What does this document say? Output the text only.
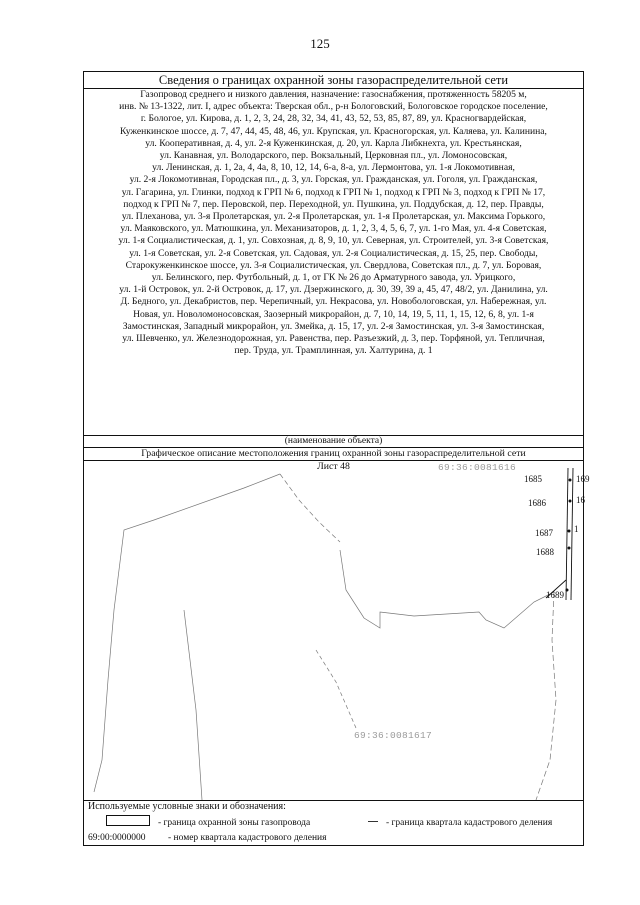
125
Сведения о границах охранной зоны газораспределительной сети
Газопровод среднего и низкого давления, назначение: газоснабжения, протяженность 58205 м,
инв. № 13-1322, лит. I, адрес объекта: Тверская обл., р-н Бологовский, Бологовское городское поселение,
г. Бологое, ул. Кирова, д. 1, 2, 3, 24, 28, 32, 34, 41, 43, 52, 53, 85, 87, 89, ул. Красногвардейская,
Куженкинское шоссе, д. 7, 47, 44, 45, 48, 46, ул. Крупская, ул. Красногорская, ул. Каляева, ул. Калинина,
ул. Кооперативная, д. 4, ул. 2-я Куженкинская, д. 20, ул. Карла Либкнехта, ул. Крестьянская,
ул. Канавная, ул. Володарского, пер. Вокзальный, Церковная пл., ул. Ломоносовская,
ул. Ленинская, д. 1, 2а, 4, 4а, 8, 10, 12, 14, 6-а, 8-а, ул. Лермонтова, ул. 1-я Локомотивная,
ул. 2-я Локомотивная, Городская пл., д. 3, ул. Горская, ул. Гражданская, ул. Гоголя, ул. Гражданская,
ул. Гагарина, ул. Глинки, подход к ГРП № 6, подход к ГРП № 1, подход к ГРП № 3, подход к ГРП № 17,
подход к ГРП № 7, пер. Перовской, пер. Переходной, ул. Пушкина, ул. Поддубская, д. 12, пер. Правды,
ул. Плеханова, ул. 3-я Пролетарская, ул. 2-я Пролетарская, ул. 1-я Пролетарская, ул. Максима Горького,
ул. Маяковского, ул. Матюшкина, ул. Механизаторов, д. 1, 2, 3, 4, 5, 6, 7, ул. 1-го Мая, ул. 4-я Советская,
ул. 1-я Социалистическая, д. 1, ул. Совхозная, д. 8, 9, 10, ул. Северная, ул. Строителей, ул. 3-я Советская,
ул. 1-я Советская, ул. 2-я Советская, ул. Садовая, ул. 2-я Социалистическая, д. 15, 25, пер. Свободы,
Старокуженкинское шоссе, ул. 3-я Социалистическая, ул. Свердлова, Советская пл., д. 7, ул. Боровая,
ул. Белинского, пер. Футбольный, д. 1, от ГК № 26 до Арматурного завода, ул. Урицкого,
ул. 1-й Островок, ул. 2-й Островок, д. 17, ул. Дзержинского, д. 30, 39, 39 а, 45, 47, 48/2, ул. Данилина, ул.
Д. Бедного, ул. Декабристов, пер. Черепичный, ул. Некрасова, ул. Новобологовская, ул. Набережная, ул.
Новая, ул. Новоломоносовская, Заозерный микрорайон, д. 7, 10, 14, 19, 5, 11, 1, 15, 12, 6, 8, ул. 1-я
Замостинская, Западный микрорайон, ул. Змейка, д. 15, 17, ул. 2-я Замостинская, ул. 3-я Замостинская,
ул. Шевченко, ул. Железнодорожная, ул. Равенства, пер. Разъезжий, д. 3, пер. Торфяной, ул. Тепличная,
пер. Труда, ул. Трамплинная, ул. Халтурина, д. 1
(наименование объекта)
Графическое описание местоположения границ охранной зоны газораспределительной сети
69:36:0081616
69:36:0081617
1685	169
1686	16
1687 1
1688
1689
Лист 48
Используемые условные знаки и обозначения:
- граница охранной зоны газопровода	- граница квартала кадастрового деления
69:00:0000000 - номер квартала кадастрового деления
